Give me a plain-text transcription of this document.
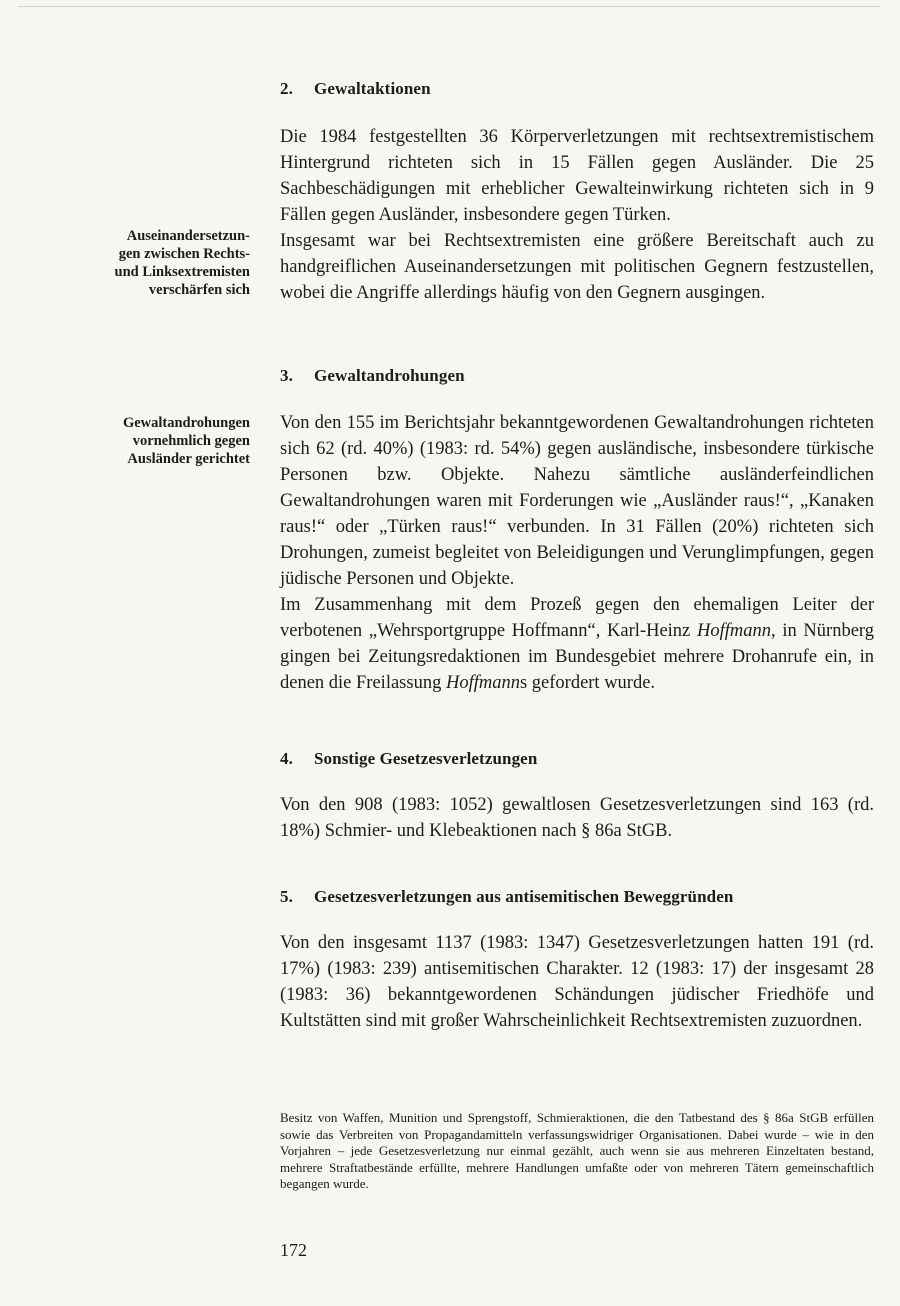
2. Gewaltaktionen
Auseinandersetzun-
gen zwischen Rechts-
und Linksextremisten
verschärfen sich

Die 1984 festgestellten 36 Körperverletzungen mit rechtsextremistischem Hintergrund richteten sich in 15 Fällen gegen Ausländer. Die 25 Sachbeschädigungen mit erheblicher Gewalteinwirkung richteten sich in 9 Fällen gegen Ausländer, insbesondere gegen Türken.

Insgesamt war bei Rechtsextremisten eine größere Bereitschaft auch zu handgreiflichen Auseinandersetzungen mit politischen Gegnern festzustellen, wobei die Angriffe allerdings häufig von den Gegnern ausgingen.

3. Gewaltandrohungen
Gewaltandrohungen
vornehmlich gegen
Ausländer gerichtet

Von den 155 im Berichtsjahr bekanntgewordenen Gewaltandrohungen richteten sich 62 (rd. 40%) (1983: rd. 54%) gegen ausländische, insbesondere türkische Personen bzw. Objekte. Nahezu sämtliche ausländerfeindlichen Gewaltandrohungen waren mit Forderungen wie „Ausländer raus!“, „Kanaken raus!“ oder „Türken raus!“ verbunden. In 31 Fällen (20%) richteten sich Drohungen, zumeist begleitet von Beleidigungen und Verunglimpfungen, gegen jüdische Personen und Objekte.

Im Zusammenhang mit dem Prozeß gegen den ehemaligen Leiter der verbotenen „Wehrsportgruppe Hoffmann“, Karl-Heinz Hoffmann, in Nürnberg gingen bei Zeitungsredaktionen im Bundesgebiet mehrere Drohanrufe ein, in denen die Freilassung Hoffmanns gefordert wurde.

4. Sonstige Gesetzesverletzungen

Von den 908 (1983: 1052) gewaltlosen Gesetzesverletzungen sind 163 (rd. 18%) Schmier- und Klebeaktionen nach § 86a StGB.

5. Gesetzesverletzungen aus antisemitischen Beweggründen

Von den insgesamt 1137 (1983: 1347) Gesetzesverletzungen hatten 191 (rd. 17%) (1983: 239) antisemitischen Charakter. 12 (1983: 17) der insgesamt 28 (1983: 36) bekanntgewordenen Schändungen jüdischer Friedhöfe und Kultstätten sind mit großer Wahrscheinlichkeit Rechtsextremisten zuzuordnen.

Besitz von Waffen, Munition und Sprengstoff, Schmieraktionen, die den Tatbestand des § 86a StGB erfüllen sowie das Verbreiten von Propagandamitteln verfassungswidriger Organisationen. Dabei wurde – wie in den Vorjahren – jede Gesetzesverletzung nur einmal gezählt, auch wenn sie aus mehreren Einzeltaten bestand, mehrere Straftatbestände erfüllte, mehrere Handlungen umfaßte oder von mehreren Tätern gemeinschaftlich begangen wurde.
172
